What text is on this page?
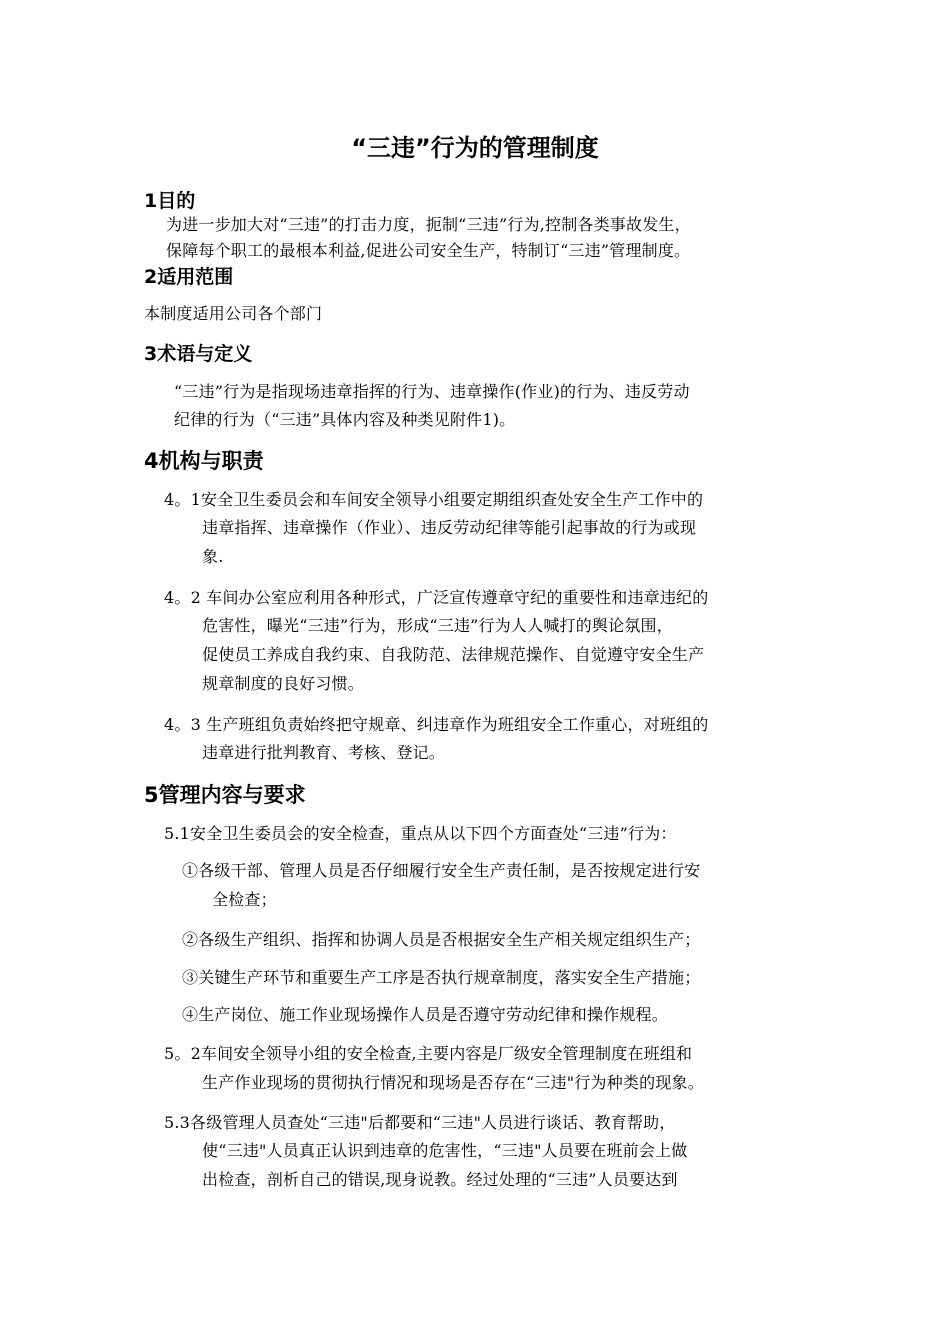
“三违”行为的管理制度
1目的
为进一步加大对“三违”的打击力度，扼制“三违”行为,控制各类事故发生，
保障每个职工的最根本利益,促进公司安全生产，特制订“三违”管理制度。
2适用范围
本制度适用公司各个部门
3术语与定义
“三违”行为是指现场违章指挥的行为、违章操作(作业)的行为、违反劳动
纪律的行为（“三违”具体内容及种类见附件1)。
4机构与职责
4。1安全卫生委员会和车间安全领导小组要定期组织查处安全生产工作中的
违章指挥、违章操作（作业）、违反劳动纪律等能引起事故的行为或现
象.
4。2 车间办公室应利用各种形式，广泛宣传遵章守纪的重要性和违章违纪的
危害性，曝光“三违”行为，形成“三违”行为人人喊打的舆论氛围，
促使员工养成自我约束、自我防范、法律规范操作、自觉遵守安全生产
规章制度的良好习惯。
4。3 生产班组负责始终把守规章、纠违章作为班组安全工作重心，对班组的
违章进行批判教育、考核、登记。
5管理内容与要求
5.1安全卫生委员会的安全检查，重点从以下四个方面查处“三违”行为：
①各级干部、管理人员是否仔细履行安全生产责任制，是否按规定进行安
全检查；
②各级生产组织、指挥和协调人员是否根据安全生产相关规定组织生产；
③关键生产环节和重要生产工序是否执行规章制度，落实安全生产措施；
④生产岗位、施工作业现场操作人员是否遵守劳动纪律和操作规程。
5。2车间安全领导小组的安全检查,主要内容是厂级安全管理制度在班组和
生产作业现场的贯彻执行情况和现场是否存在“三违"行为种类的现象。
5.3各级管理人员查处“三违"后都要和“三违"人员进行谈话、教育帮助，
使“三违"人员真正认识到违章的危害性，“三违"人员要在班前会上做
出检查，剖析自己的错误,现身说教。经过处理的“三违”人员要达到
